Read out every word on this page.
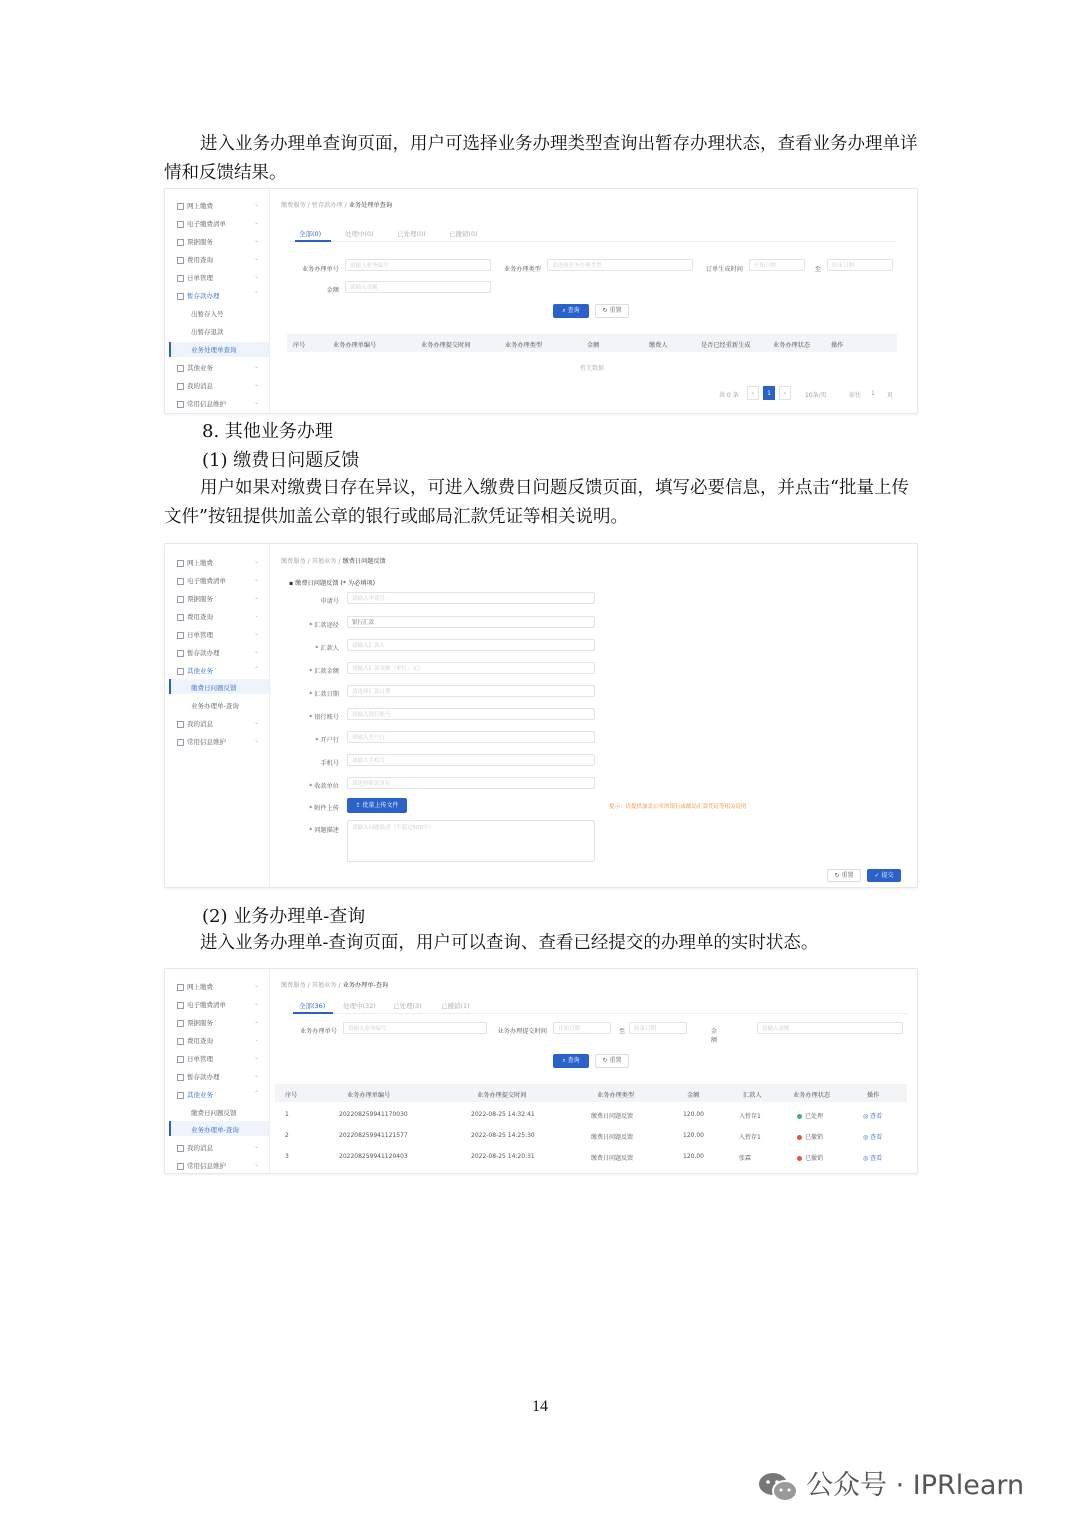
进入业务办理单查询页面，用户可选择业务办理类型查询出暂存办理状态，查看业务办理单详情和反馈结果。
网上缴费	⌄
电子缴费清单	⌄
票据服务	⌄
费用查询	⌄
日单管理	⌄
暂存款办理	⌃
出暂存入号
出暂存退款
业务处理单查询
其他业务	⌄
我的消息	⌄
常用信息维护	⌄
缴费服务 / 暂存款办理 / 业务处理单查询
全部(0)	处理中(0)	已处理(0)	已撤销(0)
业务办理单号	请输入业务编号	业务办理类型	请选择业务办理类型	订单生成时间	开始日期	至	结束日期
金额	请输入金额
⌕ 查询	↻ 重置
序号	业务办理单编号	业务办理提交时间	业务办理类型	金额	缴费人	是否已经重新生成	业务办理状态	操作
暂无数据
共 0 条	‹	1	›	10条/页	前往 1 页
8. 其他业务办理
(1) 缴费日问题反馈
用户如果对缴费日存在异议，可进入缴费日问题反馈页面，填写必要信息，并点击“批量上传文件”按钮提供加盖公章的银行或邮局汇款凭证等相关说明。
网上缴费	⌄
电子缴费清单	⌄
票据服务	⌄
费用查询	⌄
日单管理	⌄
暂存款办理	⌄
其他业务	⌃
缴费日问题反馈
业务办理单-查询
我的消息	⌄
常用信息维护	⌄
缴费服务 / 其他业务 / 缴费日问题反馈
▪ 缴费日问题反馈 (* 为必填项)
申请号	请输入申请号
* 汇款途径	银行汇款
* 汇款人	请输入汇款人
* 汇款金额	请输入汇款金额（单位：元）
* 汇款日期	请选择汇款日期
* 银行账号	请输入银行账号
* 开户行	请输入开户行
手机号	请输入手机号
* 收款单位	请选择收款单位
* 附件上传	⇪ 批量上传文件	提示：请提供加盖公章的银行或邮局汇款凭证等相关说明
* 问题描述	请输入问题描述（不超过500字）
↻ 重置	✓ 提交
(2) 业务办理单-查询
进入业务办理单-查询页面，用户可以查询、查看已经提交的办理单的实时状态。
网上缴费	⌄
电子缴费清单	⌄
票据服务	⌄
费用查询	⌄
日单管理	⌄
暂存款办理	⌄
其他业务	⌃
缴费日问题反馈
业务办理单-查询
我的消息	⌄
常用信息维护	⌄
缴费服务 / 其他业务 / 业务办理单-查询
全部(36)	处理中(32)	已处理(3)	已撤销(1)
业务办理单号	请输入业务编号	业务办理提交时间	开始日期	至	结束日期	金额
请输入金额
⌕ 查询	↻ 重置
序号	业务办理单编号	业务办理提交时间	业务办理类型	金额	汇款人	业务办理状态	操作
1	20220825994117003​0	2022-08-25 14:32:41	缴费日问题反馈	120.00	入暂存1	已处理	◎ 查看
2	20220825994112157​7	2022-08-25 14:25:30	缴费日问题反馈	120.00	入暂存1	已撤销	◎ 查看
3	20220825994112040​3	2022-08-25 14:20:31	缴费日问题反馈	120.00	张霖	已撤销	◎ 查看
14
公众号 · IPRlearn
